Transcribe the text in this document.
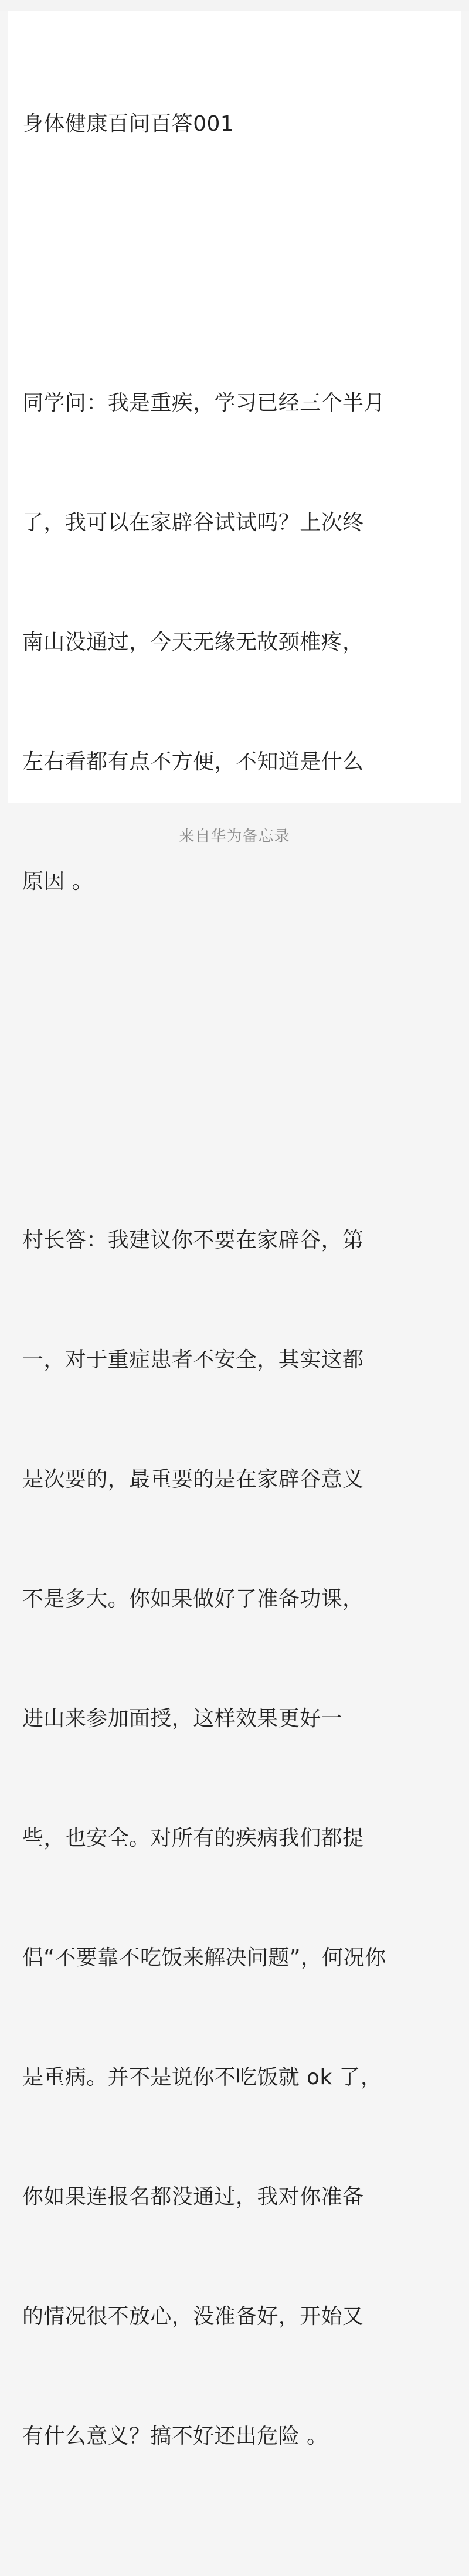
身体健康百问百答001

同学问：我是重疾，学习已经三个半月

了，我可以在家辟谷试试吗？上次终

南山没通过，今天无缘无故颈椎疼，

左右看都有点不方便，不知道是什么

原因 。

村长答：我建议你不要在家辟谷，第

一，对于重症患者不安全，其实这都

是次要的，最重要的是在家辟谷意义

不是多大。你如果做好了准备功课，

进山来参加面授，这样效果更好一

些，也安全。对所有的疾病我们都提

倡“不要靠不吃饭来解决问题”，何况你

是重病。并不是说你不吃饭就 ok 了，

你如果连报名都没通过，我对你准备

的情况很不放心，没准备好，开始又

有什么意义？搞不好还出危险 。

来自华为备忘录
